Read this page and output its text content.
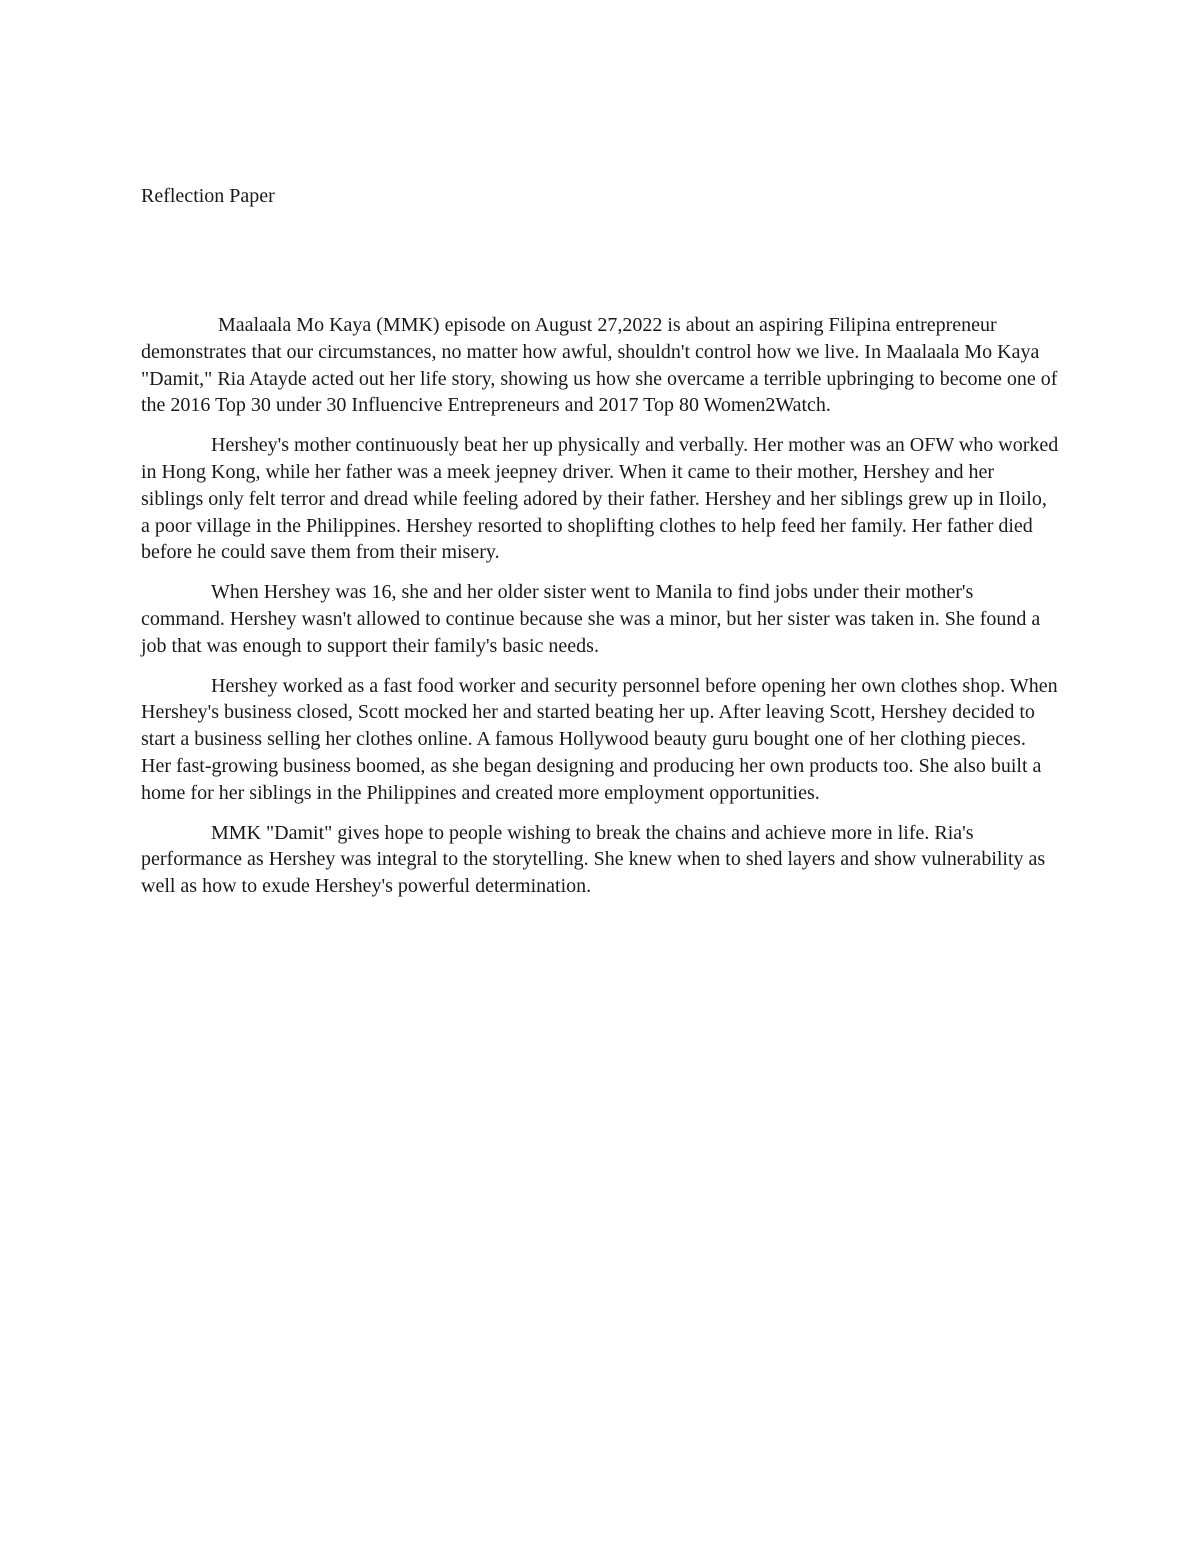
Reflection Paper

Maalaala Mo Kaya (MMK) episode on August 27,2022 is about an aspiring Filipina entrepreneur demonstrates that our circumstances, no matter how awful, shouldn't control how we live. In Maalaala Mo Kaya "Damit," Ria Atayde acted out her life story, showing us how she overcame a terrible upbringing to become one of the 2016 Top 30 under 30 Influencive Entrepreneurs and 2017 Top 80 Women2Watch.

Hershey's mother continuously beat her up physically and verbally. Her mother was an OFW who worked in Hong Kong, while her father was a meek jeepney driver. When it came to their mother, Hershey and her siblings only felt terror and dread while feeling adored by their father. Hershey and her siblings grew up in Iloilo, a poor village in the Philippines. Hershey resorted to shoplifting clothes to help feed her family. Her father died before he could save them from their misery.

When Hershey was 16, she and her older sister went to Manila to find jobs under their mother's command. Hershey wasn't allowed to continue because she was a minor, but her sister was taken in. She found a job that was enough to support their family's basic needs.

Hershey worked as a fast food worker and security personnel before opening her own clothes shop. When Hershey's business closed, Scott mocked her and started beating her up. After leaving Scott, Hershey decided to start a business selling her clothes online. A famous Hollywood beauty guru bought one of her clothing pieces. Her fast-growing business boomed, as she began designing and producing her own products too. She also built a home for her siblings in the Philippines and created more employment opportunities.

MMK "Damit" gives hope to people wishing to break the chains and achieve more in life. Ria's performance as Hershey was integral to the storytelling. She knew when to shed layers and show vulnerability as well as how to exude Hershey's powerful determination.
